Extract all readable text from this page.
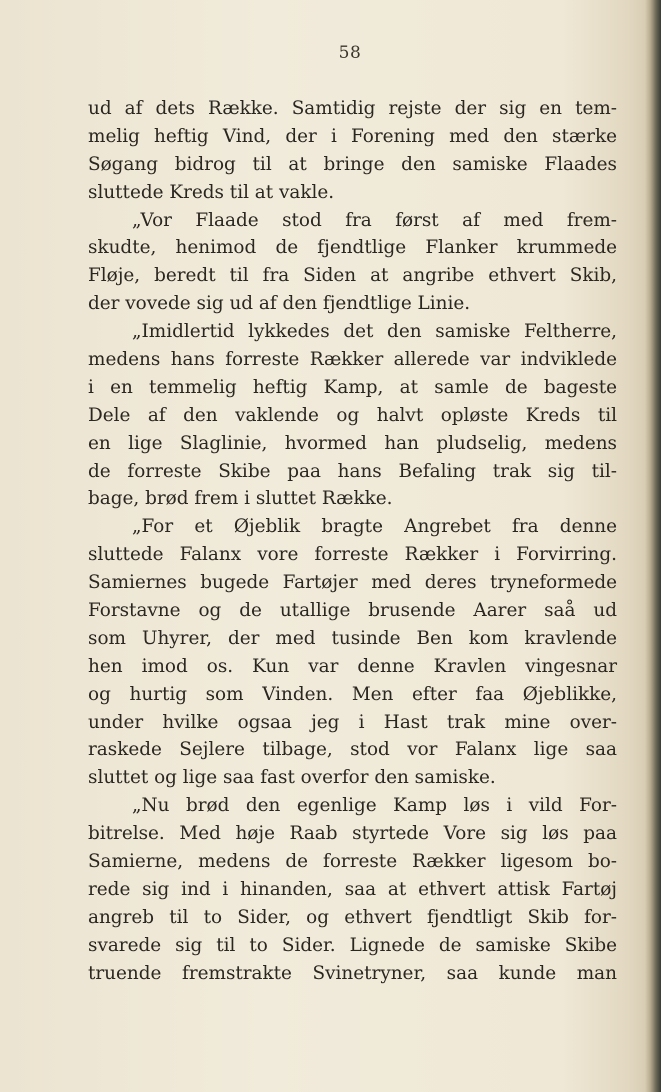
58
ud af dets Række. Samtidig rejste der sig en tem-
melig heftig Vind, der i Forening med den stærke
Søgang bidrog til at bringe den samiske Flaades
sluttede Kreds til at vakle.
„Vor Flaade stod fra først af med frem-
skudte, henimod de fjendtlige Flanker krummede
Fløje, beredt til fra Siden at angribe ethvert Skib,
der vovede sig ud af den fjendtlige Linie.
„Imidlertid lykkedes det den samiske Feltherre,
medens hans forreste Rækker allerede var indviklede
i en temmelig heftig Kamp, at samle de bageste
Dele af den vaklende og halvt opløste Kreds til
en lige Slaglinie, hvormed han pludselig, medens
de forreste Skibe paa hans Befaling trak sig til-
bage, brød frem i sluttet Række.
„For et Øjeblik bragte Angrebet fra denne
sluttede Falanx vore forreste Rækker i Forvirring.
Samiernes bugede Fartøjer med deres tryneformede
Forstavne og de utallige brusende Aarer saå ud
som Uhyrer, der med tusinde Ben kom kravlende
hen imod os. Kun var denne Kravlen vingesnar
og hurtig som Vinden. Men efter faa Øjeblikke,
under hvilke ogsaa jeg i Hast trak mine over-
raskede Sejlere tilbage, stod vor Falanx lige saa
sluttet og lige saa fast overfor den samiske.
„Nu brød den egenlige Kamp løs i vild For-
bitrelse. Med høje Raab styrtede Vore sig løs paa
Samierne, medens de forreste Rækker ligesom bo-
rede sig ind i hinanden, saa at ethvert attisk Fartøj
angreb til to Sider, og ethvert fjendtligt Skib for-
svarede sig til to Sider. Lignede de samiske Skibe
truende fremstrakte Svinetryner, saa kunde man
